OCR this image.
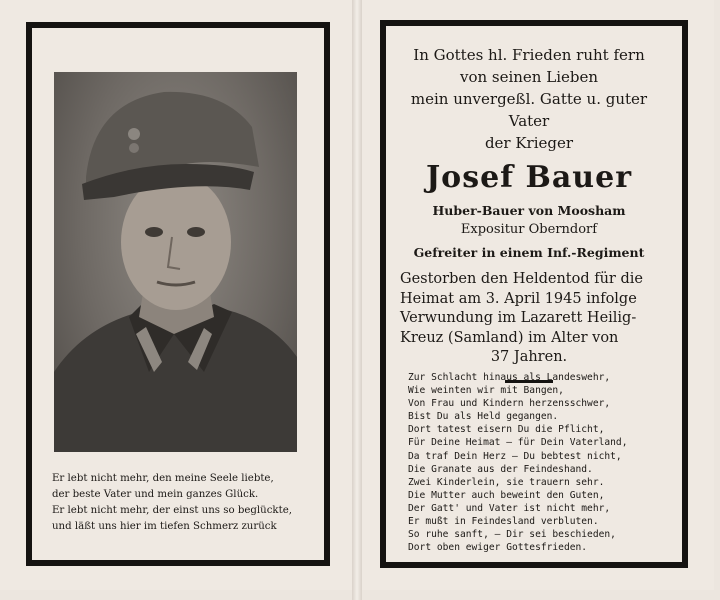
Er lebt nicht mehr, den meine Seele liebte,
der beste Vater und mein ganzes Glück.
Er lebt nicht mehr, der einst uns so beglückte,
und läßt uns hier im tiefen Schmerz zurück
In Gottes hl. Frieden ruht fern
von seinen Lieben
mein unvergeßl. Gatte u. guter Vater
der Krieger
Josef Bauer
Huber-Bauer von Moosham
Expositur Oberndorf
Gefreiter in einem Inf.-Regiment
Gestorben den Heldentod für die
Heimat am 3. April 1945 infolge
Verwundung im Lazarett Heilig-
Kreuz (Samland) im Alter von
37 Jahren.
Zur Schlacht hinaus als Landeswehr,
Wie weinten wir mit Bangen,
Von Frau und Kindern herzensschwer,
Bist Du als Held gegangen.
Dort tatest eisern Du die Pflicht,
Für Deine Heimat — für Dein Vaterland,
Da traf Dein Herz — Du bebtest nicht,
Die Granate aus der Feindeshand.
Zwei Kinderlein, sie trauern sehr.
Die Mutter auch beweint den Guten,
Der Gatt' und Vater ist nicht mehr,
Er mußt in Feindesland verbluten.
So ruhe sanft, — Dir sei beschieden,
Dort oben ewiger Gottesfrieden.
